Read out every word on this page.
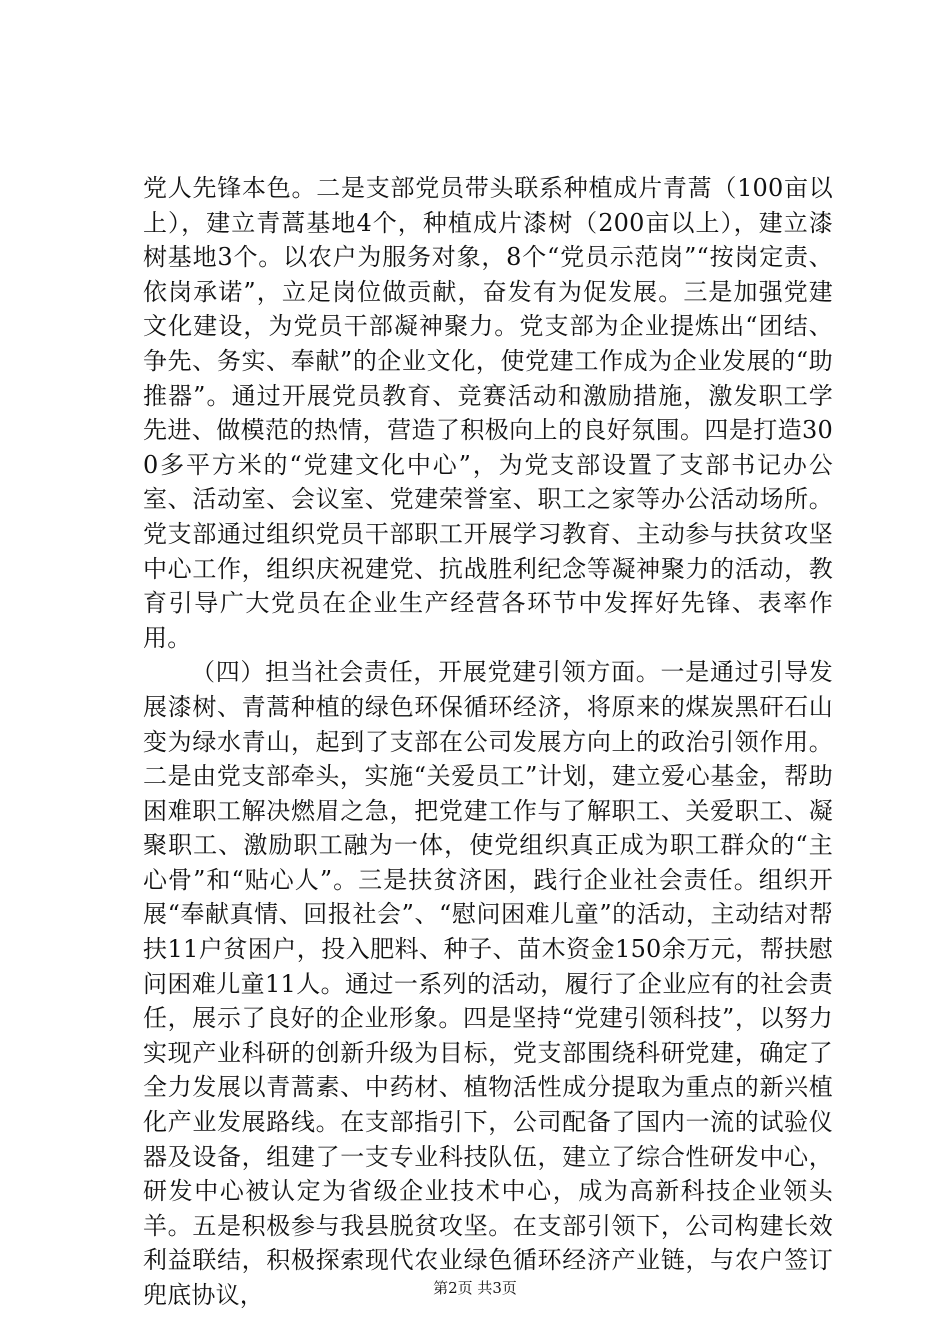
党人先锋本色。二是支部党员带头联系种植成片青蒿（100亩以上），建立青蒿基地4个，种植成片漆树（200亩以上），建立漆树基地3个。以农户为服务对象，8个“党员示范岗”“按岗定责、依岗承诺”，立足岗位做贡献，奋发有为促发展。三是加强党建文化建设，为党员干部凝神聚力。党支部为企业提炼出“团结、争先、务实、奉献”的企业文化，使党建工作成为企业发展的“助推器”。通过开展党员教育、竞赛活动和激励措施，激发职工学先进、做模范的热情，营造了积极向上的良好氛围。四是打造300多平方米的“党建文化中心”，为党支部设置了支部书记办公室、活动室、会议室、党建荣誉室、职工之家等办公活动场所。党支部通过组织党员干部职工开展学习教育、主动参与扶贫攻坚中心工作，组织庆祝建党、抗战胜利纪念等凝神聚力的活动，教育引导广大党员在企业生产经营各环节中发挥好先锋、表率作用。

（四）担当社会责任，开展党建引领方面。一是通过引导发展漆树、青蒿种植的绿色环保循环经济，将原来的煤炭黑矸石山变为绿水青山，起到了支部在公司发展方向上的政治引领作用。二是由党支部牵头，实施“关爱员工”计划，建立爱心基金，帮助困难职工解决燃眉之急，把党建工作与了解职工、关爱职工、凝聚职工、激励职工融为一体，使党组织真正成为职工群众的“主心骨”和“贴心人”。三是扶贫济困，践行企业社会责任。组织开展“奉献真情、回报社会”、“慰问困难儿童”的活动，主动结对帮扶11户贫困户，投入肥料、种子、苗木资金150余万元，帮扶慰问困难儿童11人。通过一系列的活动，履行了企业应有的社会责任，展示了良好的企业形象。四是坚持“党建引领科技”，以努力实现产业科研的创新升级为目标，党支部围绕科研党建，确定了全力发展以青蒿素、中药材、植物活性成分提取为重点的新兴植化产业发展路线。在支部指引下，公司配备了国内一流的试验仪器及设备，组建了一支专业科技队伍，建立了综合性研发中心，研发中心被认定为省级企业技术中心，成为高新科技企业领头羊。五是积极参与我县脱贫攻坚。在支部引领下，公司构建长效利益联结，积极探索现代农业绿色循环经济产业链，与农户签订兜底协议，	第2页 共3页
